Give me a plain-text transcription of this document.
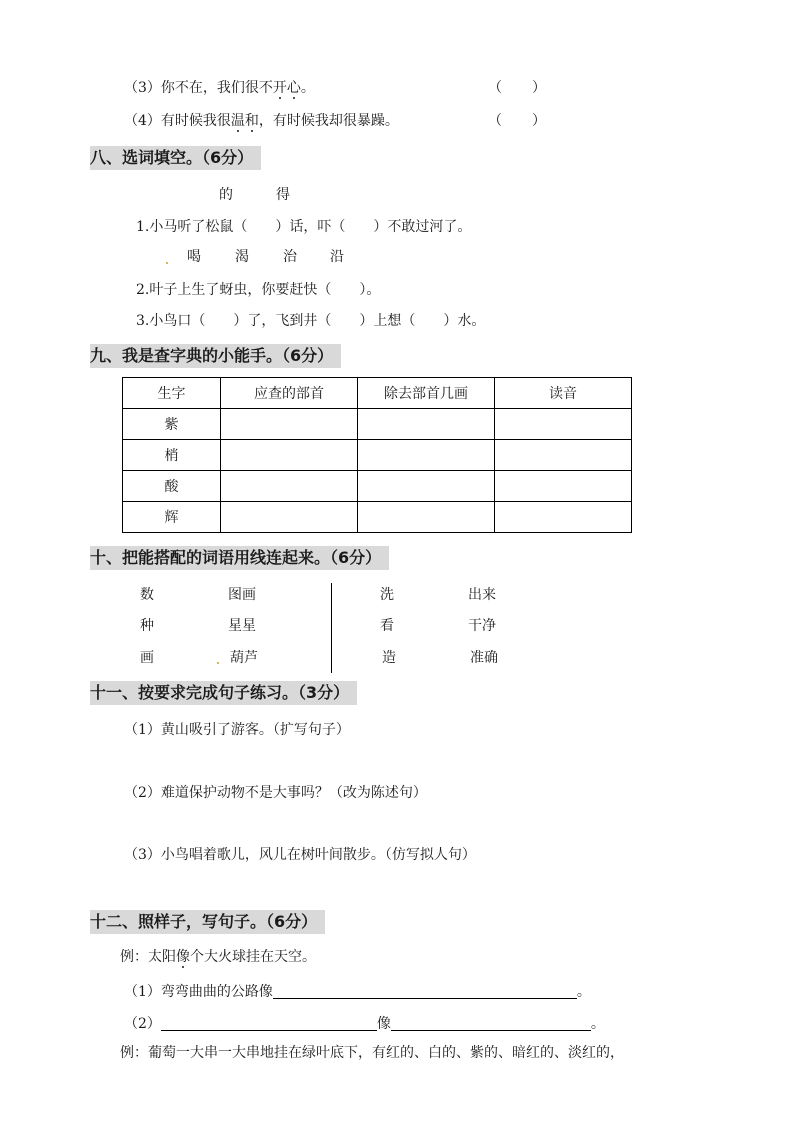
（3）你不在，我们很不开心。	（ ）
（4）有时候我很温和，有时候我却很暴躁。	（ ）
八、选词填空。（6分）
的	得
1.小马听了松鼠（　　）话，吓（　　）不敢过河了。
喝 渴 治 沿
2.叶子上生了蚜虫，你要赶快（　　）。
3.小鸟口（　　）了，飞到井（　　）上想（　　）水。
九、我是查字典的小能手。（6分）
生字	应查的部首	除去部首几画	读音
紫			
梢			
酸			
辉			
十、把能搭配的词语用线连起来。（6分）
数	图画
种	星星
画	葫芦
洗	出来
看	干净
造	准确
十一、按要求完成句子练习。（3分）
（1）黄山吸引了游客。（扩写句子）
（2）难道保护动物不是大事吗？（改为陈述句）
（3）小鸟唱着歌儿，风儿在树叶间散步。（仿写拟人句）
十二、照样子，写句子。（6分）
例：太阳像个大火球挂在天空。
（1）弯弯曲曲的公路像	。
（2）	像	。
例：葡萄一大串一大串地挂在绿叶底下，有红的、白的、紫的、暗红的、淡红的，
